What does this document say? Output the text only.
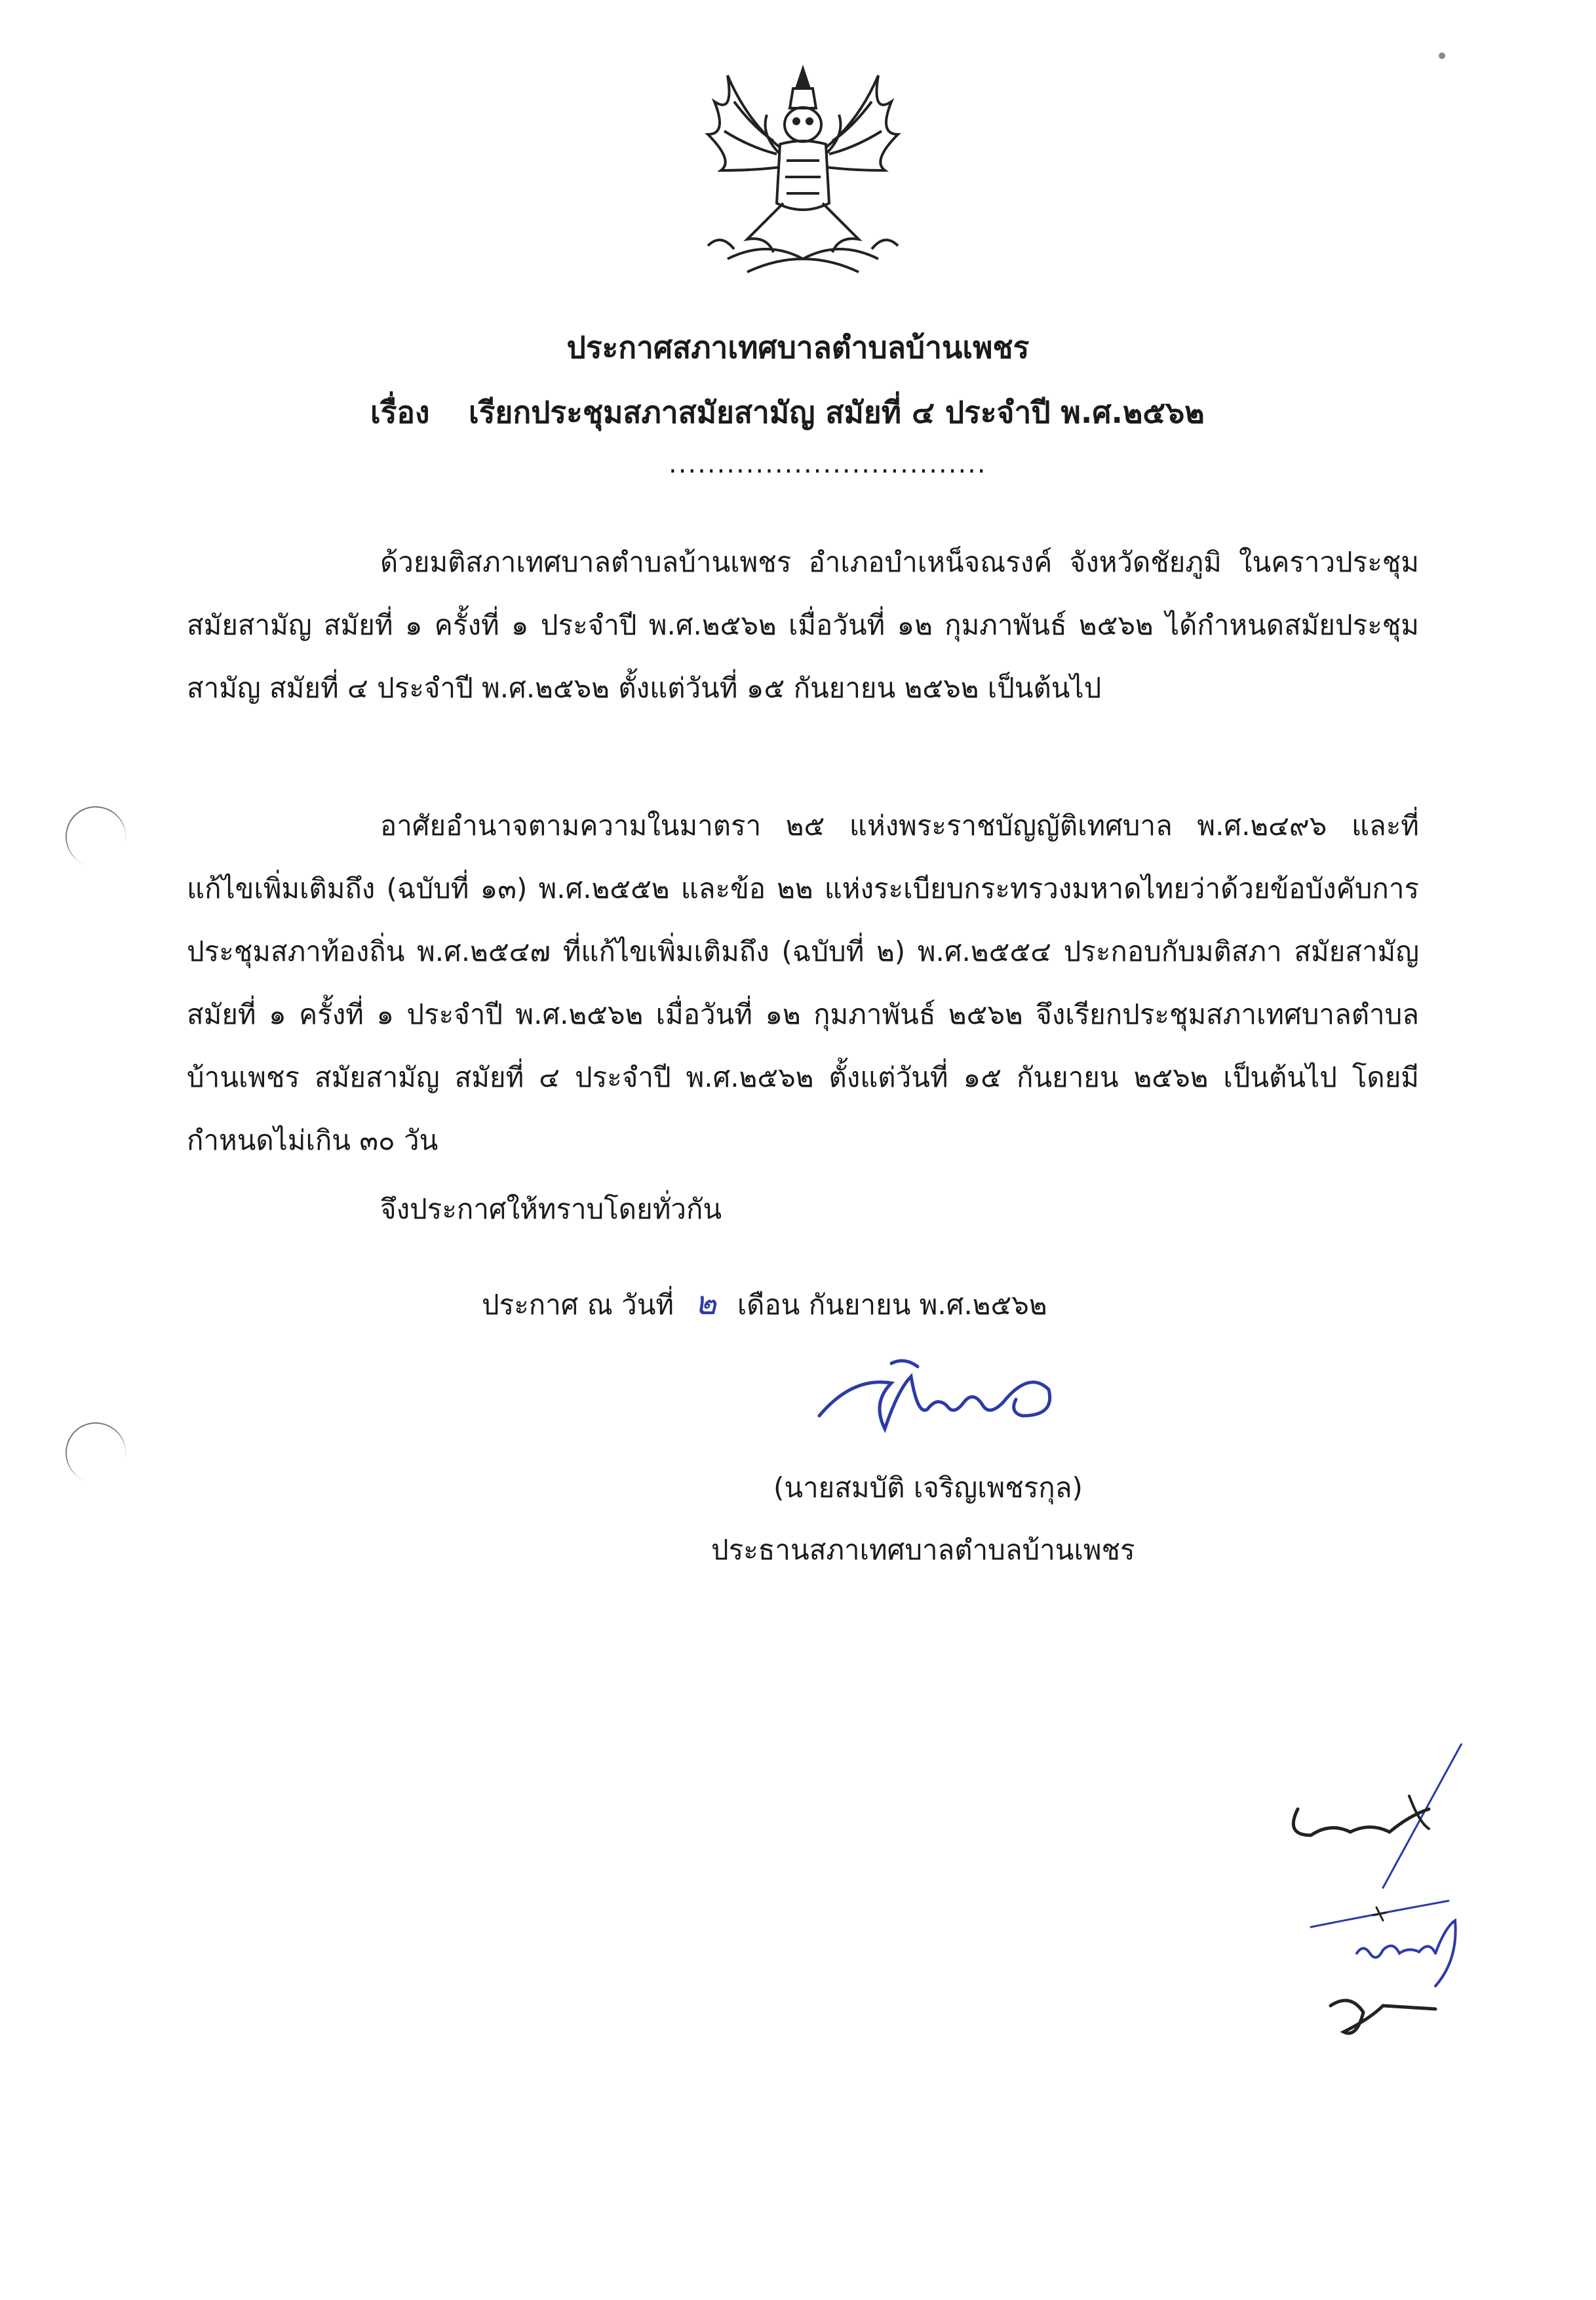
ประกาศสภาเทศบาลตำบลบ้านเพชร
เรื่อง เรียกประชุมสภาสมัยสามัญ สมัยที่ ๔ ประจำปี พ.ศ.๒๕๖๒
.................................
ด้วยมติสภาเทศบาลตำบลบ้านเพชร อำเภอบำเหน็จณรงค์ จังหวัดชัยภูมิ ในคราวประชุมสมัยสามัญ สมัยที่ ๑ ครั้งที่ ๑ ประจำปี พ.ศ.๒๕๖๒ เมื่อวันที่ ๑๒ กุมภาพันธ์ ๒๕๖๒ ได้กำหนดสมัยประชุมสามัญ สมัยที่ ๔ ประจำปี พ.ศ.๒๕๖๒ ตั้งแต่วันที่ ๑๕ กันยายน ๒๕๖๒ เป็นต้นไป
อาศัยอำนาจตามความในมาตรา ๒๕ แห่งพระราชบัญญัติเทศบาล พ.ศ.๒๔๙๖ และที่แก้ไขเพิ่มเติมถึง (ฉบับที่ ๑๓) พ.ศ.๒๕๕๒ และข้อ ๒๒ แห่งระเบียบกระทรวงมหาดไทยว่าด้วยข้อบังคับการประชุมสภาท้องถิ่น พ.ศ.๒๕๔๗ ที่แก้ไขเพิ่มเติมถึง (ฉบับที่ ๒) พ.ศ.๒๕๕๔ ประกอบกับมติสภา สมัยสามัญ สมัยที่ ๑ ครั้งที่ ๑ ประจำปี พ.ศ.๒๕๖๒ เมื่อวันที่ ๑๒ กุมภาพันธ์ ๒๕๖๒ จึงเรียกประชุมสภาเทศบาลตำบลบ้านเพชร สมัยสามัญ สมัยที่ ๔ ประจำปี พ.ศ.๒๕๖๒ ตั้งแต่วันที่ ๑๕ กันยายน ๒๕๖๒ เป็นต้นไป โดยมีกำหนดไม่เกิน ๓๐ วัน
จึงประกาศให้ทราบโดยทั่วกัน
ประกาศ ณ วันที่ ๒ เดือน กันยายน พ.ศ.๒๕๖๒
(นายสมบัติ เจริญเพชรกุล)
ประธานสภาเทศบาลตำบลบ้านเพชร
